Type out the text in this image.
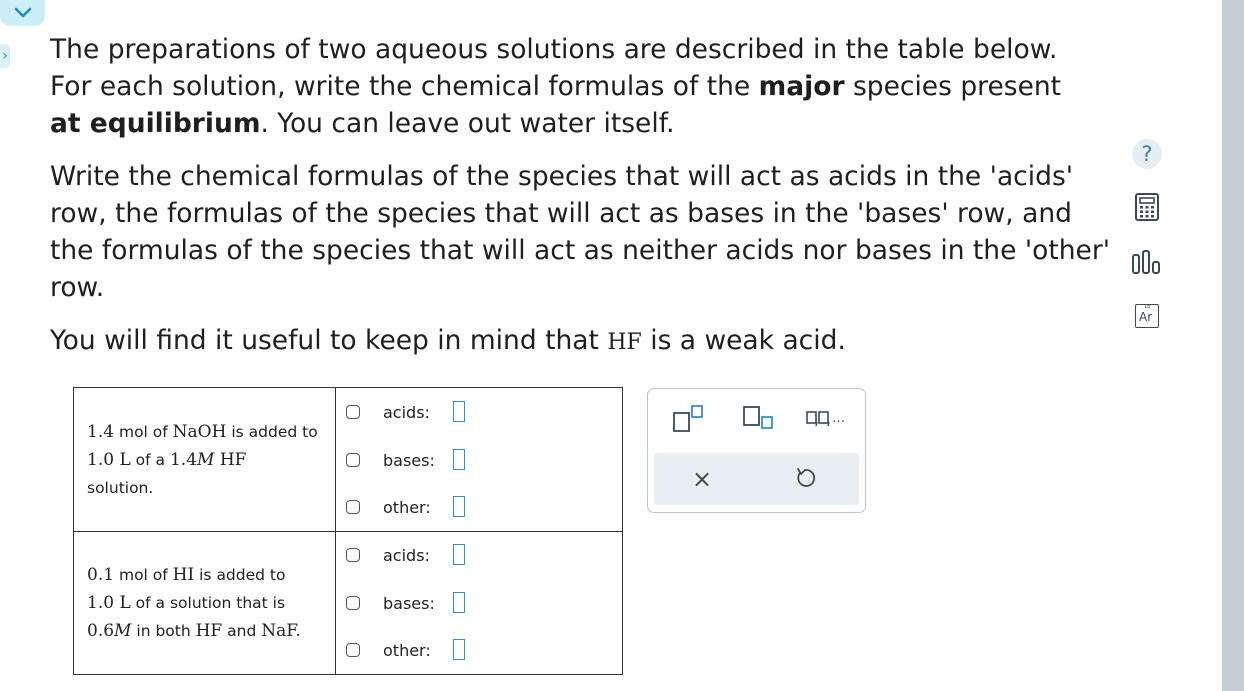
› The preparations of two aqueous solutions are described in the table below. For each solution, write the chemical formulas of the major species present at equilibrium. You can leave out water itself.

Write the chemical formulas of the species that will act as acids in the 'acids' row, the formulas of the species that will act as bases in the 'bases' row, and the formulas of the species that will act as neither acids nor bases in the 'other' row.

You will find it useful to keep in mind that HF is a weak acid.

?
18
Ar
1.4 mol of NaOH is added to
1.0 L of a 1.4M HF
solution.
acids:
bases:
other:
0.1 mol of HI is added to
1.0 L of a solution that is
0.6M in both HF and NaF.
acids:
bases:
other:
…
×
